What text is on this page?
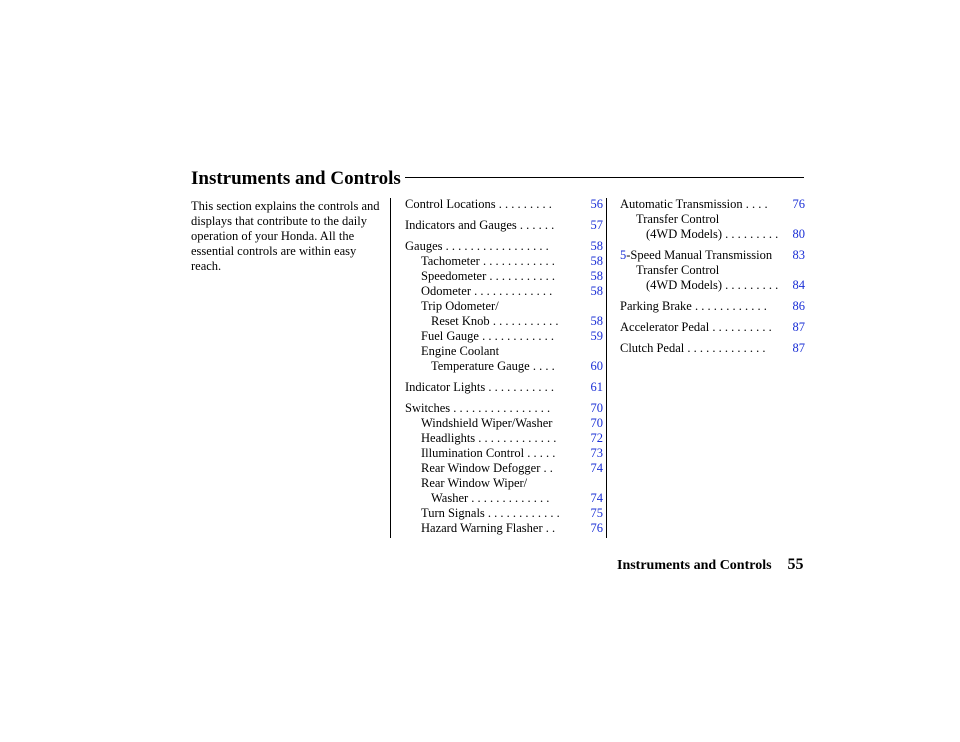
Instruments and Controls
This section explains the controls and displays that contribute to the daily operation of your Honda. All the essential controls are within easy reach.
Control Locations . . . . . . . . .	56
Indicators and Gauges . . . . . .	57
Gauges . . . . . . . . . . . . . . . . .	58
Tachometer . . . . . . . . . . . .	58
Speedometer . . . . . . . . . . .	58
Odometer . . . . . . . . . . . . .	58
Trip Odometer/
Reset Knob . . . . . . . . . . .	58
Fuel Gauge . . . . . . . . . . . .	59
Engine Coolant
Temperature Gauge . . . .	60
Indicator Lights . . . . . . . . . . .	61
Switches . . . . . . . . . . . . . . . .	70
Windshield Wiper/Washer	70
Headlights . . . . . . . . . . . . .	72
Illumination Control . . . . .	73
Rear Window Defogger . .	74
Rear Window Wiper/
Washer . . . . . . . . . . . . .	74
Turn Signals . . . . . . . . . . . .	75
Hazard Warning Flasher . .	76
Automatic Transmission . . . .	76
Transfer Control
(4WD Models) . . . . . . . . .	80
5 -Speed Manual Transmission 83
Transfer Control
(4WD Models) . . . . . . . . .	84
Parking Brake . . . . . . . . . . . .	86
Accelerator Pedal . . . . . . . . . .	87
Clutch Pedal . . . . . . . . . . . . .	87
Instruments and Controls 55
